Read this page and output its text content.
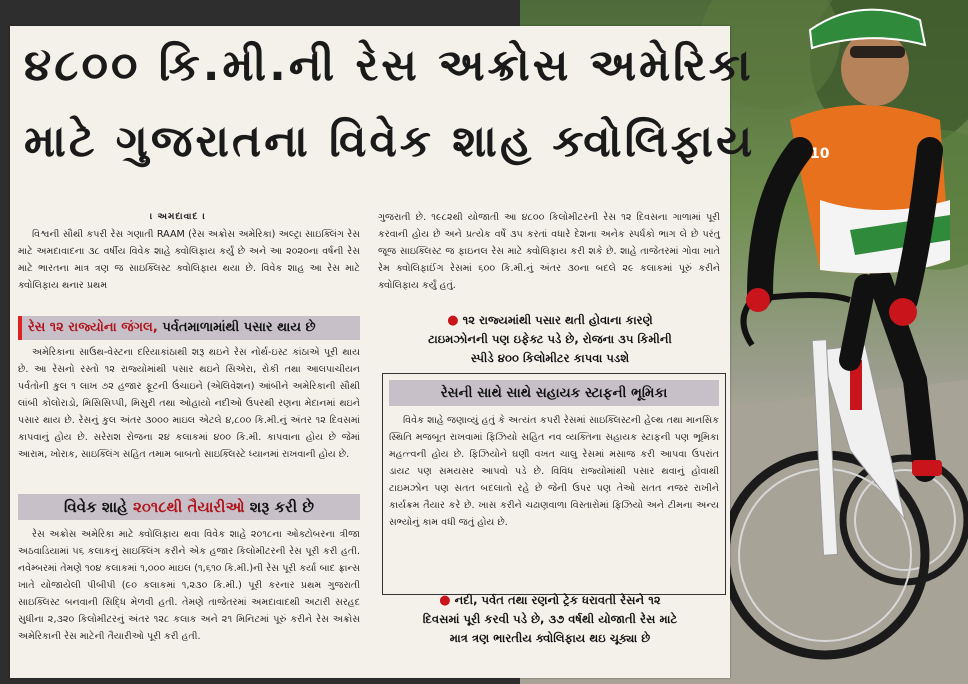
10
૪૮૦૦ કિ.મી.ની રેસ અક્રોસ અમેરિકા
માટે ગુજરાતના વિવેક શાહ ક્વોલિફાય
। અમદાવાદ ।

વિશ્વની સૌથી કપરી રેસ ગણાતી RAAM (રેસ અક્રોસ અમેરિકા) અલ્ટ્રા સાઇક્લિંગ રેસ માટે અમદાવાદના ૩૮ વર્ષીય વિવેક શાહે ક્વોલિફાય કર્યું છે અને આ ૨૦૨૦ના વર્ષની રેસ માટે ભારતના માત્ર ત્રણ જ સાઇક્લિસ્ટ ક્વોલિફાય થયા છે. વિવેક શાહ આ રેસ માટે ક્વોલિફાય થનાર પ્રથમ

ગુજરાતી છે. ૧૯૮૨થી યોજાતી આ ૪૮૦૦ કિલોમીટરની રેસ ૧૨ દિવસના ગાળામાં પૂરી કરવાની હોય છે અને પ્રત્યેક વર્ષે ૩૫ કરતાં વધારે દેશના અનેક સ્પર્ધકો ભાગ લે છે પરંતુ જૂજ સાઇક્લિસ્ટ જ ફાઇનલ રેસ માટે ક્વોલિફાય કરી શકે છે. શાહે તાજેતરમાં ગોવા ખાતે રેમ ક્વોલિફાઈંગ રેસમાં ૬૦૦ કિ.મી.નું અંતર ૩૦ના બદલે ૨૯ કલાકમાં પૂરું કરીને ક્વોલિફાય કર્યું હતું.

રેસ ૧૨ રાજ્યોના જંગલ, પર્વતમાળામાંથી પસાર થાય છે

અમેરિકાના સાઉથ-વેસ્ટના દરિયાકાંઠાથી શરૂ થઇને રેસ નોર્થ-ઇસ્ટ કાંઠાએ પૂરી થાય છે. આ રેસનો રસ્તો ૧૨ રાજ્યોમાંથી પસાર થઇને સિએરા, રોકી તથા આલપાચીયન પર્વતોની કુલ ૧ લાખ ૭૨ હજાર ફૂટની ઉંચાઇને (એલિવેશન) આંબીને અમેરિકાની સૌથી લાંબી કોલોરાડો, મિસિસિપ્પી, મિસુરી તથા ઓહાયો નદીઓ ઉપરથી રણના મેદાનમાં થઇને પસાર થાય છે. રેસનું કુલ અંતર ૩૦૦૦ માઇલ એટલે ૪,૮૦૦ કિ.મી.નું અંતર ૧૨ દિવસમાં કાપવાનું હોય છે. સરેરાશ રોજના ૨૪ કલાકમાં ૪૦૦ કિ.મી. કાપવાના હોય છે જેમાં આરામ, ખોરાક, સાઇક્લિંગ સહિત તમામ બાબતો સાઇક્લિસ્ટે ધ્યાનમાં રાખવાની હોય છે.

વિવેક શાહે ૨૦૧૮થી તૈયારીઓ શરૂ કરી છે

રેસ અક્રોસ અમેરિકા માટે ક્વોલિફાય થવા વિવેક શાહે ૨૦૧૮ના ઓક્ટોબરના ત્રીજા અઠવાડિયામાં ૫૬ કલાકનું સાઇક્લિંગ કરીને એક હજાર કિલોમીટરની રેસ પૂરી કરી હતી. નવેમ્બરમાં તેમણે ૧૦૪ કલાકમાં ૧,૦૦૦ માઇલ (૧,૬૧૦ કિ.મી.)ની રેસ પૂરી કર્યા બાદ ફ્રાન્સ ખાતે યોજાયેલી પીબીપી (૯૦ કલાકમાં ૧,૨૩૦ કિ.મી.) પૂરી કરનાર પ્રથમ ગુજરાતી સાઇક્લિસ્ટ બનવાની સિદ્ધિ મેળવી હતી. તેમણે તાજેતરમાં અમદાવાદથી અટારી સરહદ સુધીના ૨,૩૨૦ કિલોમીટરનું અંતર ૧૨૮ કલાક અને ૨૧ મિનિટમાં પૂરું કરીને રેસ અક્રોસ અમેરિકાની રેસ માટેની તૈયારીઓ પૂરી કરી હતી.

● ૧૨ રાજ્યમાંથી પસાર થતી હોવાના કારણે
ટાઇમઝોનની પણ ઇફેક્ટ પડે છે, રોજના ૩૫ કિમીની
સ્પીડે ૪૦૦ કિલોમીટર કાપવા પડશે
રેસની સાથે સાથે સહાયક સ્ટાફની ભૂમિકા

વિવેક શાહે જણાવ્યું હતું કે અત્યંત કપરી રેસમાં સાઇક્લિસ્ટની હેલ્થ તથા માનસિક સ્થિતિ મજબૂત રાખવામાં ફિઝિયો સહિત નવ વ્યક્તિના સહાયક સ્ટાફની પણ ભૂમિકા મહત્ત્વની હોય છે. ફિઝિયોને ઘણી વખત ચાલુ રેસમાં મસાજ કરી આપવા ઉપરાંત ડાયટ પણ સમયસર આપવો પડે છે. વિવિધ રાજ્યોમાંથી પસાર થવાનું હોવાથી ટાઇમઝોન પણ સતત બદલાતો રહે છે જેની ઉપર પણ તેઓ સતત નજર રાખીને કાર્યક્રમ તૈયાર કરે છે. ખાસ કરીને ચઢાણવાળા વિસ્તારોમાં ફિઝિયો અને ટીમના અન્ય સભ્યોનું કામ વધી જતું હોય છે.

● નદી, પર્વત તથા રણનો ટ્રેક ધરાવતી રેસને ૧૨
દિવસમાં પૂરી કરવી પડે છે, ૩૭ વર્ષથી યોજાતી રેસ માટે
માત્ર ત્રણ ભારતીય ક્વોલિફાય થઇ ચૂક્યા છે
